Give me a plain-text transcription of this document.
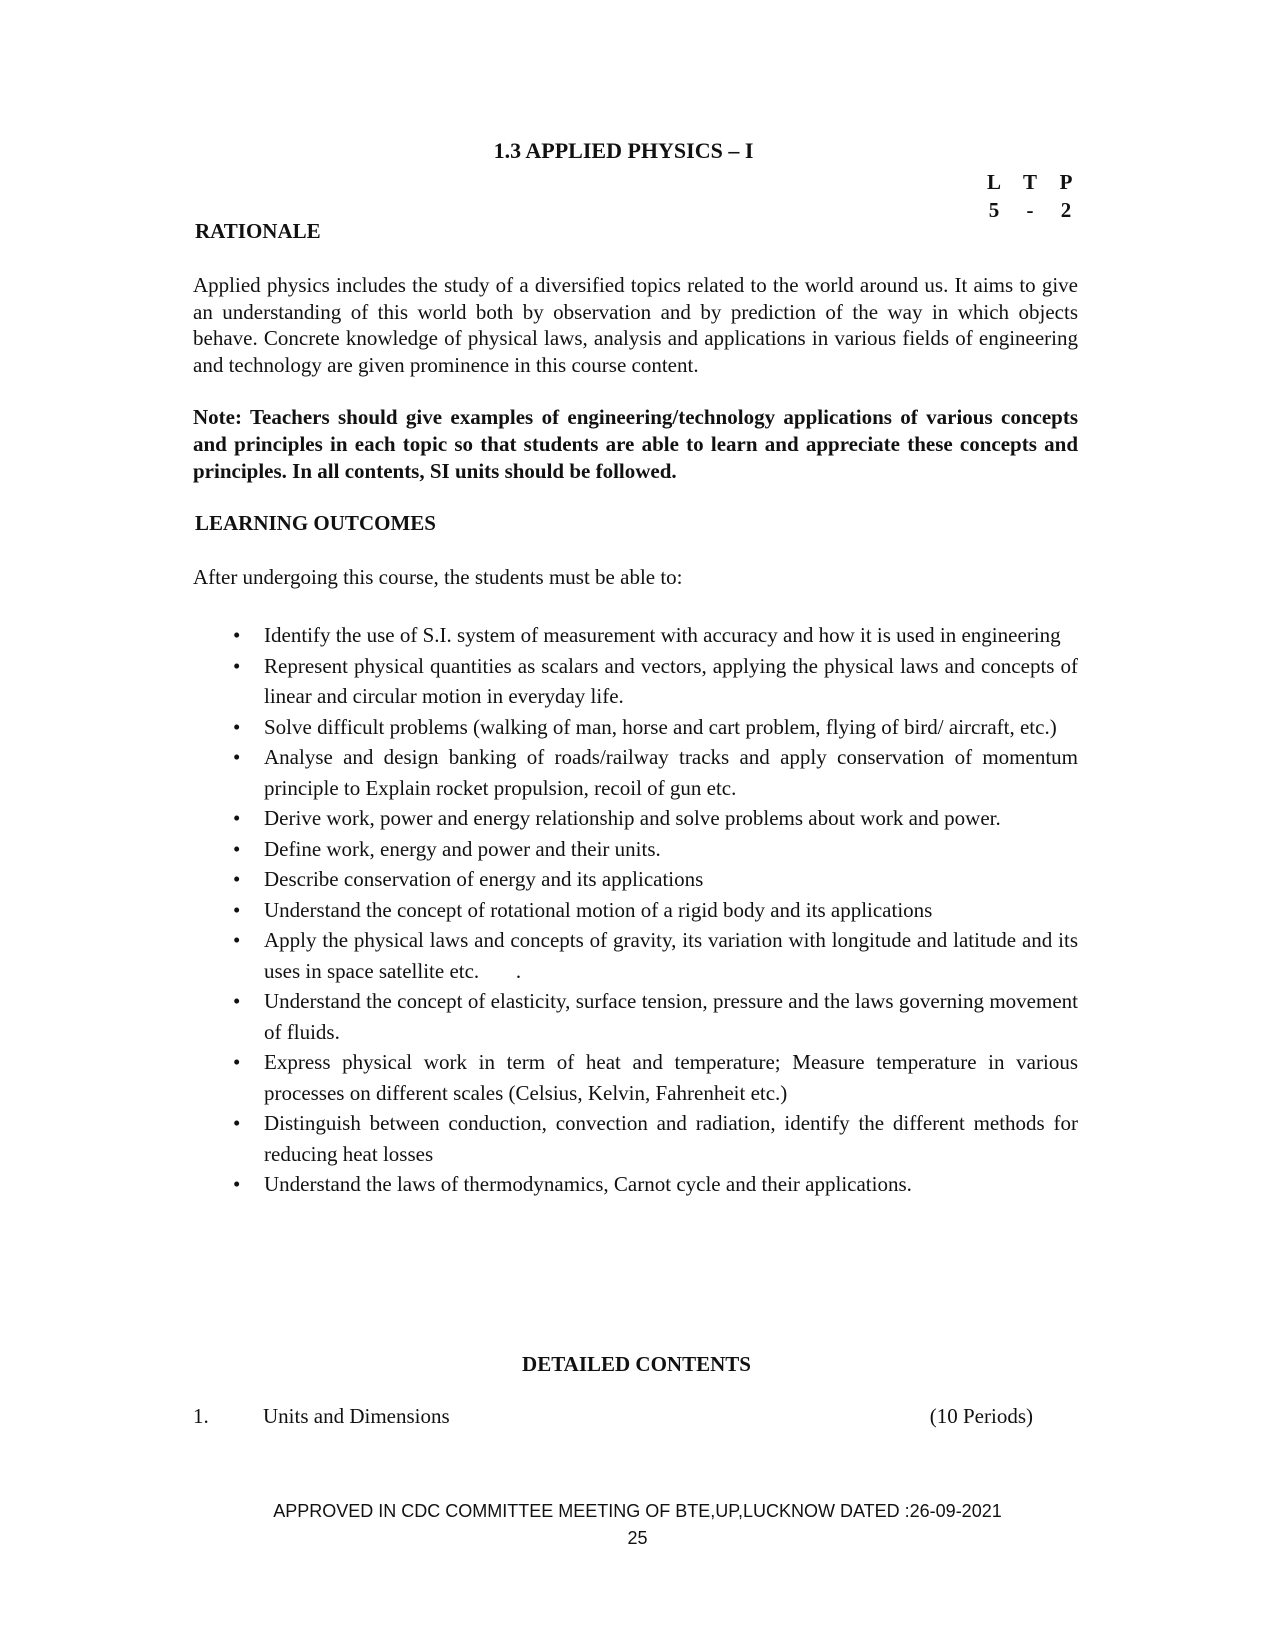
1.3 APPLIED PHYSICS – I
L T P
5	-	2
RATIONALE

Applied physics includes the study of a diversified topics related to the world around us. It aims to give an understanding of this world both by observation and by prediction of the way in which objects behave. Concrete knowledge of physical laws, analysis and applications in various fields of engineering and technology are given prominence in this course content.

Note: Teachers should give examples of engineering/technology applications of various concepts and principles in each topic so that students are able to learn and appreciate these concepts and principles. In all contents, SI units should be followed.

LEARNING OUTCOMES

After undergoing this course, the students must be able to:

• Identify the use of S.I. system of measurement with accuracy and how it is used in engineering
• Represent physical quantities as scalars and vectors, applying the physical laws and concepts of linear and circular motion in everyday life.
• Solve difficult problems (walking of man, horse and cart problem, flying of bird/ aircraft, etc.)
• Analyse and design banking of roads/railway tracks and apply conservation of momentum principle to Explain rocket propulsion, recoil of gun etc.
• Derive work, power and energy relationship and solve problems about work and power.
• Define work, energy and power and their units.
• Describe conservation of energy and its applications
• Understand the concept of rotational motion of a rigid body and its applications
• Apply the physical laws and concepts of gravity, its variation with longitude and latitude and its uses in space satellite etc.       .
• Understand the concept of elasticity, surface tension, pressure and the laws governing movement of fluids.
• Express physical work in term of heat and temperature; Measure temperature in various processes on different scales (Celsius, Kelvin, Fahrenheit etc.)
• Distinguish between conduction, convection and radiation, identify the different methods for reducing heat losses
• Understand the laws of thermodynamics, Carnot cycle and their applications.
DETAILED CONTENTS
1.	Units and Dimensions	(10 Periods)
APPROVED IN CDC COMMITTEE MEETING OF BTE,UP,LUCKNOW DATED :26-09-2021
25
